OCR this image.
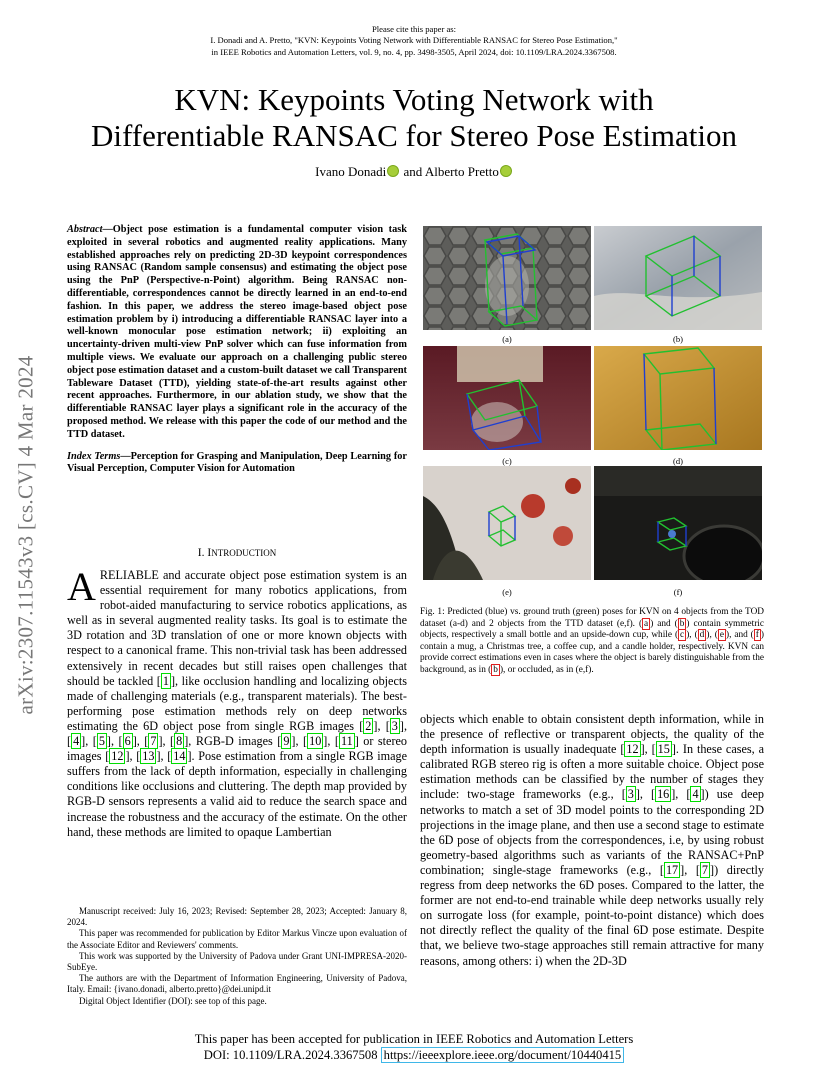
Please cite this paper as:
I. Donadi and A. Pretto, "KVN: Keypoints Voting Network with Differentiable RANSAC for Stereo Pose Estimation,"
in IEEE Robotics and Automation Letters, vol. 9, no. 4, pp. 3498-3505, April 2024, doi: 10.1109/LRA.2024.3367508.
KVN: Keypoints Voting Network with
Differentiable RANSAC for Stereo Pose Estimation
Ivano Donadi and Alberto Pretto
arXiv:2307.11543v3 [cs.CV] 4 Mar 2024
Abstract—Object pose estimation is a fundamental computer vision task exploited in several robotics and augmented reality applications. Many established approaches rely on predicting 2D-3D keypoint correspondences using RANSAC (Random sample consensus) and estimating the object pose using the PnP (Perspective-n-Point) algorithm. Being RANSAC non-differentiable, correspondences cannot be directly learned in an end-to-end fashion. In this paper, we address the stereo image-based object pose estimation problem by i) introducing a differentiable RANSAC layer into a well-known monocular pose estimation network; ii) exploiting an uncertainty-driven multi-view PnP solver which can fuse information from multiple views. We evaluate our approach on a challenging public stereo object pose estimation dataset and a custom-built dataset we call Transparent Tableware Dataset (TTD), yielding state-of-the-art results against other recent approaches. Furthermore, in our ablation study, we show that the differentiable RANSAC layer plays a significant role in the accuracy of the proposed method. We release with this paper the code of our method and the TTD dataset.
Index Terms—Perception for Grasping and Manipulation, Deep Learning for Visual Perception, Computer Vision for Automation
I. INTRODUCTION
ARELIABLE and accurate object pose estimation system is an essential requirement for many robotics applications, from robot-aided manufacturing to service robotics applications, as well as in several augmented reality tasks. Its goal is to estimate the 3D rotation and 3D translation of one or more known objects with respect to a canonical frame. This non-trivial task has been addressed extensively in recent decades but still raises open challenges that should be tackled [ 1 ], like occlusion handling and localizing objects made of challenging materials (e.g., transparent materials). The best-performing pose estimation methods rely on deep networks estimating the 6D object pose from single RGB images [ 2 ], [ 3 ], [ 4 ], [ 5 ], [ 6 ], [ 7 ], [ 8 ], RGB-D images [ 9 ], [ 10 ], [ 11 ] or stereo images [ 12 ], [ 13 ], [ 14 ]. Pose estimation from a single RGB image suffers from the lack of depth information, especially in challenging conditions like occlusions and cluttering. The depth map provided by RGB-D sensors represents a valid aid to reduce the search space and increase the robustness and the accuracy of the estimate. On the other hand, these methods are limited to opaque Lambertian

Manuscript received: July 16, 2023; Revised: September 28, 2023; Accepted: January 8, 2024.

This paper was recommended for publication by Editor Markus Vincze upon evaluation of the Associate Editor and Reviewers' comments.

This work was supported by the University of Padova under Grant UNI-IMPRESA-2020-SubEye.

The authors are with the Department of Information Engineering, University of Padova, Italy. Email: {ivano.donadi, alberto.pretto}@dei.unipd.it

Digital Object Identifier (DOI): see top of this page.

(a)	(b)
(c)	(d)
(e)	(f)
Fig. 1: Predicted (blue) vs. ground truth (green) poses for KVN on 4 objects from the TOD dataset (a-d) and 2 objects from the TTD dataset (e,f). ( a ) and ( b ) contain symmetric objects, respectively a small bottle and an upside-down cup, while ( c ), ( d ), ( e ), and ( f ) contain a mug, a Christmas tree, a coffee cup, and a candle holder, respectively. KVN can provide correct estimations even in cases where the object is barely distinguishable from the background, as in ( b ), or occluded, as in (e,f).
objects which enable to obtain consistent depth information, while in the presence of reflective or transparent objects, the quality of the depth information is usually inadequate [ 12 ], [ 15 ]. In these cases, a calibrated RGB stereo rig is often a more suitable choice. Object pose estimation methods can be classified by the number of stages they include: two-stage frameworks (e.g., [ 3 ], [ 16 ], [ 4 ]) use deep networks to match a set of 3D model points to the corresponding 2D projections in the image plane, and then use a second stage to estimate the 6D pose of objects from the correspondences, i.e, by using robust geometry-based algorithms such as variants of the RANSAC+PnP combination; single-stage frameworks (e.g., [ 17 ], [ 7 ]) directly regress from deep networks the 6D poses. Compared to the latter, the former are not end-to-end trainable while deep networks usually rely on surrogate loss (for example, point-to-point distance) which does not directly reflect the quality of the final 6D pose estimate. Despite that, we believe two-stage approaches still remain attractive for many reasons, among others: i) when the 2D-3D
This paper has been accepted for publication in IEEE Robotics and Automation Letters
DOI: 10.1109/LRA.2024.3367508 https://ieeexplore.ieee.org/document/10440415
